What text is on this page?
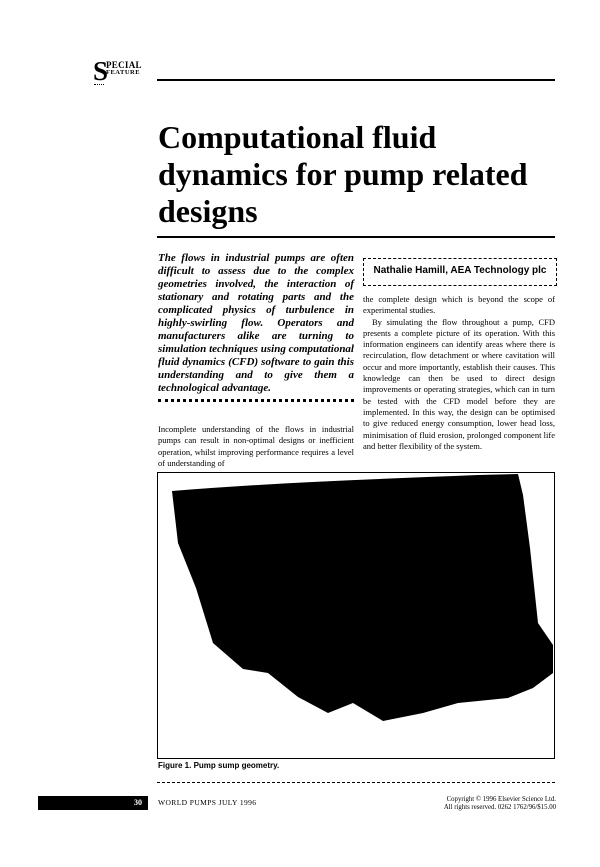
S
PECIAL
FEATURE
Computational fluid dynamics for pump related designs

The flows in industrial pumps are often difficult to assess due to the complex geometries involved, the interaction of stationary and rotating parts and the complicated physics of turbulence in highly-swirling flow. Operators and manufacturers alike are turning to simulation techniques using computational fluid dynamics (CFD) software to gain this understanding and to give them a technological advantage.

Nathalie Hamill, AEA Technology plc

Incomplete understanding of the flows in industrial pumps can result in non-optimal designs or inefficient operation, whilst improving performance requires a level of understanding of

the complete design which is beyond the scope of experimental studies.

By simulating the flow throughout a pump, CFD presents a complete picture of its operation. With this information engineers can identify areas where there is recirculation, flow detachment or where cavitation will occur and more importantly, establish their causes. This knowledge can then be used to direct design improvements or operating strategies, which can in turn be tested with the CFD model before they are implemented. In this way, the design can be optimised to give reduced energy consumption, lower head loss, minimisation of fluid erosion, prolonged component life and better flexibility of the system.

Figure 1. Pump sump geometry.

30 WORLD PUMPS JULY 1996	Copyright © 1996 Elsevier Science Ltd.
All rights reserved. 0262 1762/96/$15.00
